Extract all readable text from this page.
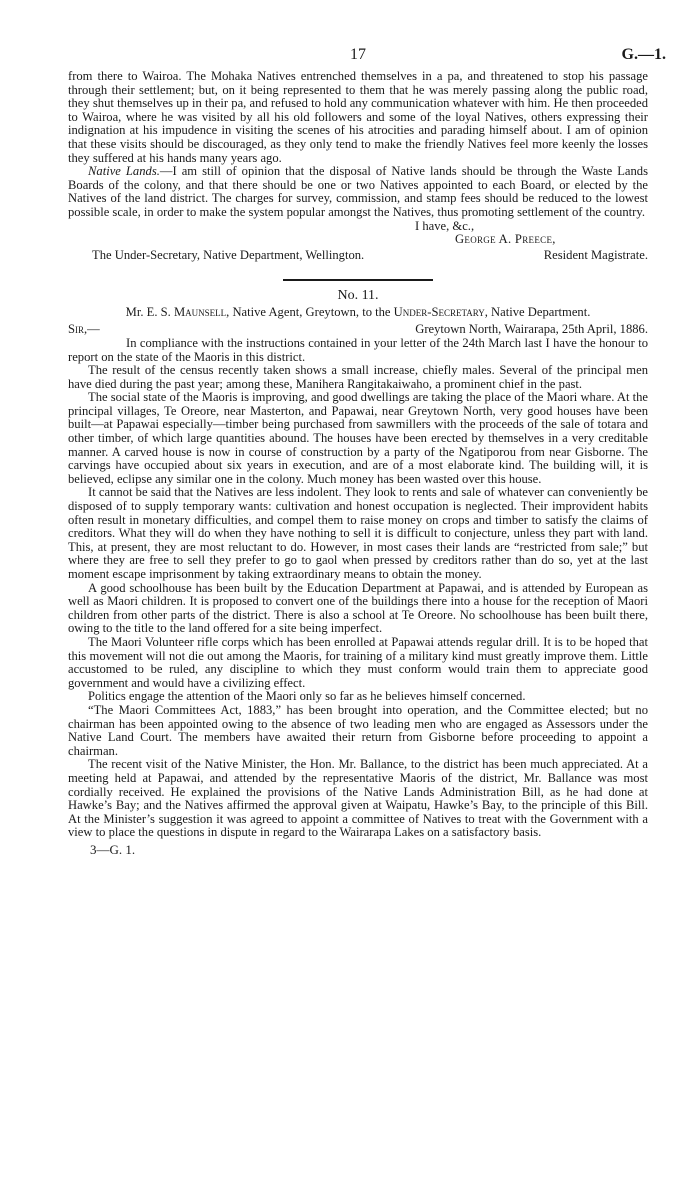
17	G.—1.

from there to Wairoa. The Mohaka Natives entrenched themselves in a pa, and threatened to stop his passage through their settlement; but, on it being represented to them that he was merely passing along the public road, they shut themselves up in their pa, and refused to hold any communication whatever with him. He then proceeded to Wairoa, where he was visited by all his old followers and some of the loyal Natives, others expressing their indignation at his impudence in visiting the scenes of his atrocities and parading himself about. I am of opinion that these visits should be discouraged, as they only tend to make the friendly Natives feel more keenly the losses they suffered at his hands many years ago.

Native Lands.—I am still of opinion that the disposal of Native lands should be through the Waste Lands Boards of the colony, and that there should be one or two Natives appointed to each Board, or elected by the Natives of the land district. The charges for survey, commission, and stamp fees should be reduced to the lowest possible scale, in order to make the system popular amongst the Natives, thus promoting settlement of the country.

I have, &c.,

George A. Preece,

The Under-Secretary, Native Department, Wellington.	Resident Magistrate.
No. 11.

Mr. E. S. Maunsell, Native Agent, Greytown, to the Under-Secretary, Native Department.

Sir,—	Greytown North, Wairarapa, 25th April, 1886.

In compliance with the instructions contained in your letter of the 24th March last I have the honour to report on the state of the Maoris in this district.

The result of the census recently taken shows a small increase, chiefly males. Several of the principal men have died during the past year; among these, Manihera Rangitakaiwaho, a prominent chief in the past.

The social state of the Maoris is improving, and good dwellings are taking the place of the Maori whare. At the principal villages, Te Oreore, near Masterton, and Papawai, near Greytown North, very good houses have been built—at Papawai especially—timber being purchased from sawmillers with the proceeds of the sale of totara and other timber, of which large quantities abound. The houses have been erected by themselves in a very creditable manner. A carved house is now in course of construction by a party of the Ngatiporou from near Gisborne. The carvings have occupied about six years in execution, and are of a most elaborate kind. The building will, it is believed, eclipse any similar one in the colony. Much money has been wasted over this house.

It cannot be said that the Natives are less indolent. They look to rents and sale of whatever can conveniently be disposed of to supply temporary wants: cultivation and honest occupation is neglected. Their improvident habits often result in monetary difficulties, and compel them to raise money on crops and timber to satisfy the claims of creditors. What they will do when they have nothing to sell it is difficult to conjecture, unless they part with land. This, at present, they are most reluctant to do. However, in most cases their lands are “restricted from sale;” but where they are free to sell they prefer to go to gaol when pressed by creditors rather than do so, yet at the last moment escape imprisonment by taking extraordinary means to obtain the money.

A good schoolhouse has been built by the Education Department at Papawai, and is attended by European as well as Maori children. It is proposed to convert one of the buildings there into a house for the reception of Maori children from other parts of the district. There is also a school at Te Oreore. No schoolhouse has been built there, owing to the title to the land offered for a site being imperfect.

The Maori Volunteer rifle corps which has been enrolled at Papawai attends regular drill. It is to be hoped that this movement will not die out among the Maoris, for training of a military kind must greatly improve them. Little accustomed to be ruled, any discipline to which they must conform would train them to appreciate good government and would have a civilizing effect.

Politics engage the attention of the Maori only so far as he believes himself concerned.

“The Maori Committees Act, 1883,” has been brought into operation, and the Committee elected; but no chairman has been appointed owing to the absence of two leading men who are engaged as Assessors under the Native Land Court. The members have awaited their return from Gisborne before proceeding to appoint a chairman.

The recent visit of the Native Minister, the Hon. Mr. Ballance, to the district has been much appreciated. At a meeting held at Papawai, and attended by the representative Maoris of the district, Mr. Ballance was most cordially received. He explained the provisions of the Native Lands Administration Bill, as he had done at Hawke’s Bay; and the Natives affirmed the approval given at Waipatu, Hawke’s Bay, to the principle of this Bill. At the Minister’s suggestion it was agreed to appoint a committee of Natives to treat with the Government with a view to place the questions in dispute in regard to the Wairarapa Lakes on a satisfactory basis.

3—G. 1.
